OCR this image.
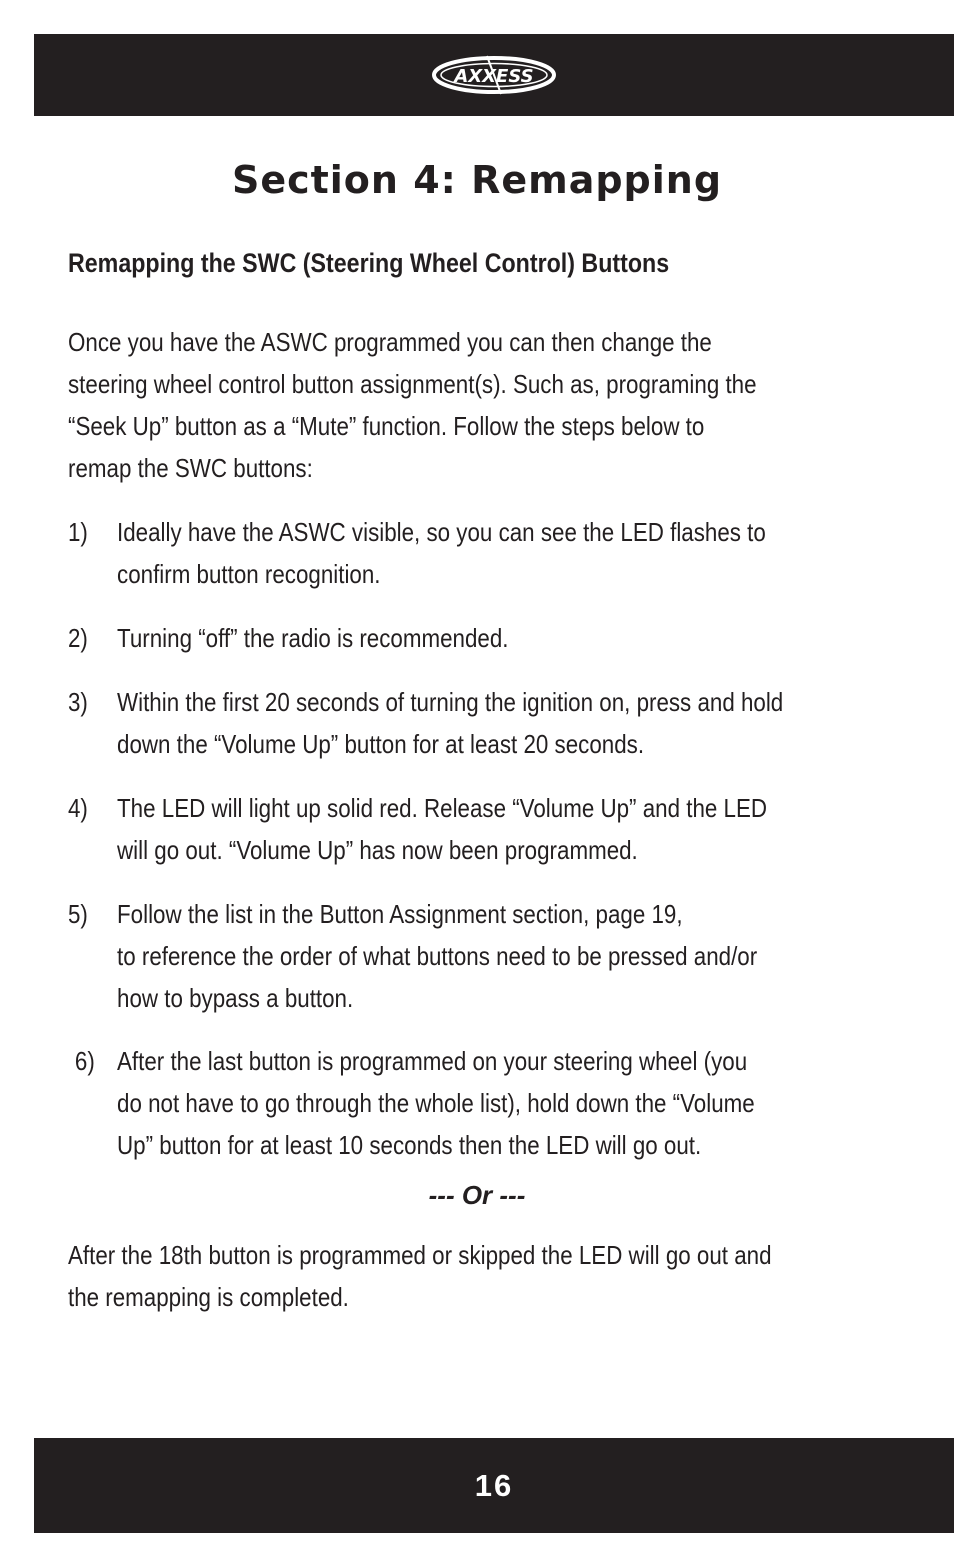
AXXESS
Section 4: Remapping
Remapping the SWC (Steering Wheel Control) Buttons
Once you have the ASWC programmed you can then change the
steering wheel control button assignment(s). Such as, programing the
“Seek Up” button as a “Mute” function. Follow the steps below to
remap the SWC buttons:
1) Ideally have the ASWC visible, so you can see the LED flashes to
confirm button recognition.
2) Turning “off” the radio is recommended.
3) Within the first 20 seconds of turning the ignition on, press and hold
down the “Volume Up” button for at least 20 seconds.
4) The LED will light up solid red. Release “Volume Up” and the LED
will go out. “Volume Up” has now been programmed.
5) Follow the list in the Button Assignment section, page 19,
to reference the order of what buttons need to be pressed and/or
how to bypass a button.
6) After the last button is programmed on your steering wheel (you
do not have to go through the whole list), hold down the “Volume
Up” button for at least 10 seconds then the LED will go out.
--- Or ---
After the 18th button is programmed or skipped the LED will go out and
the remapping is completed.
16
